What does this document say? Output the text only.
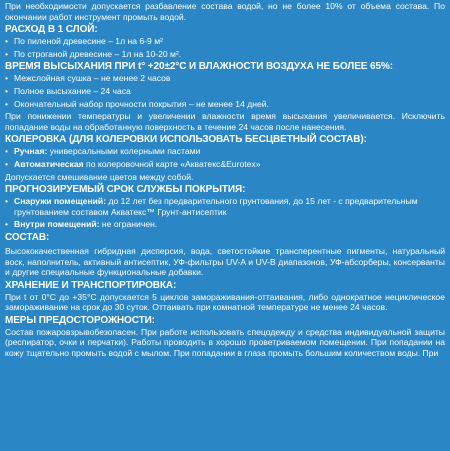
При необходимости допускается разбавление состава водой, но не более 10% от объема состава. По окончании работ инструмент промыть водой.

РАСХОД В 1 СЛОЙ:

• По пиленой древесине – 1л на 6-9 м²
• По строганой древесине – 1л на 10-20 м².

ВРЕМЯ ВЫСЫХАНИЯ ПРИ t° +20±2°С И ВЛАЖНОСТИ ВОЗДУХА НЕ БОЛЕЕ 65%:

• Межслойная сушка – не менее 2 часов
• Полное высыхание – 24 часа
• Окончательный набор прочности покрытия – не менее 14 дней.

При понижении температуры и увеличении влажности время высыхания увеличивается. Исключить попадание воды на обработанную поверхность в течение 24 часов после нанесения.

КОЛЕРОВКА (ДЛЯ КОЛЕРОВКИ ИСПОЛЬЗОВАТЬ БЕСЦВЕТНЫЙ СОСТАВ):

• Ручная: универсальными колерными пастами
• Автоматическая по колеровочной карте «Акватекс&Eurotex»

Допускается смешивание цветов между собой.

ПРОГНОЗИРУЕМЫЙ СРОК СЛУЖБЫ ПОКРЫТИЯ:

• Снаружи помещений: до 12 лет без предварительного грунтования, до 15 лет - с предварительным грунтованием составом Акватекс™ Грунт-антисептик
• Внутри помещений: не ограничен.

СОСТАВ:

Высококачественная гибридная дисперсия, вода, светостойкие трансперентные пигменты, натуральный воск, наполнитель, активный антисептик, УФ-фильтры UV-A и UV-B диапазонов, УФ-абсорберы, консерванты и другие специальные функциональные добавки.

ХРАНЕНИЕ И ТРАНСПОРТИРОВКА:

При t от 0°С до +35°С допускается 5 циклов замораживания-оттаивания, либо однократное нециклическое замораживание на срок до 30 суток. Оттаивать при комнатной температуре не менее 24 часов.

МЕРЫ ПРЕДОСТОРОЖНОСТИ:

Состав пожаровзрывобезопасен. При работе использовать спецодежду и средства индивидуальной защиты (респиратор, очки и перчатки). Работы проводить в хорошо проветриваемом помещении. При попадании на кожу тщательно промыть водой с мылом. При попадании в глаза промыть большим количеством воды. При
